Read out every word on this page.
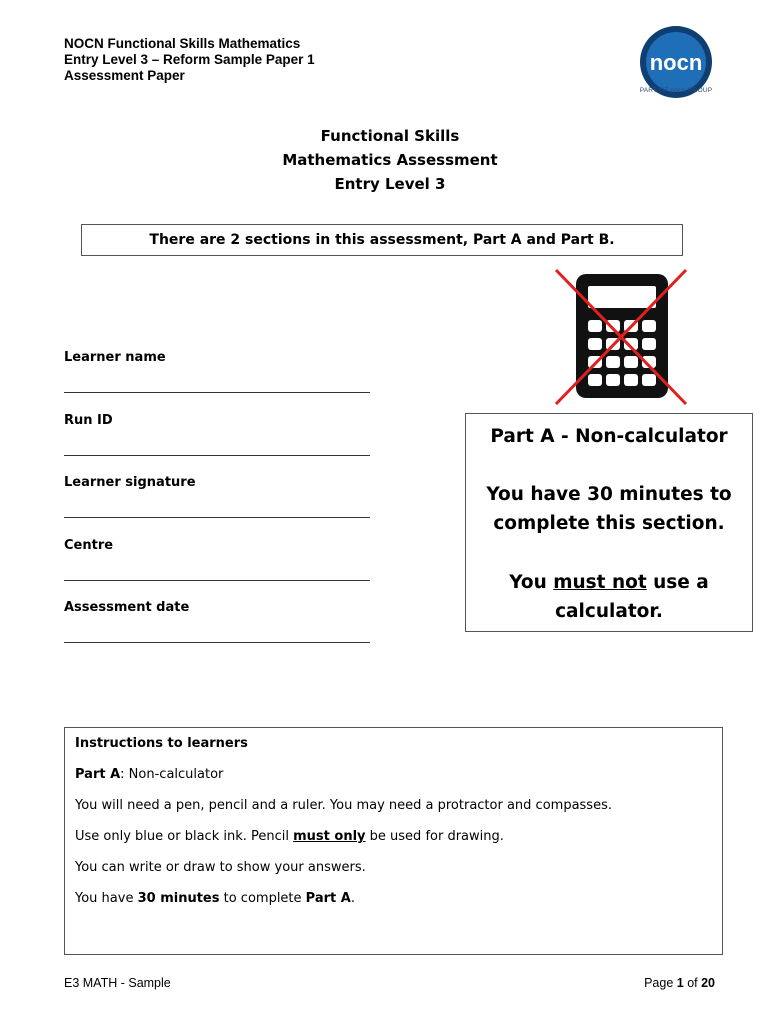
NOCN Functional Skills Mathematics
Entry Level 3 – Reform Sample Paper 1
Assessment Paper
nocn
PART OF nocn GROUP
Functional Skills
Mathematics Assessment
Entry Level 3
There are 2 sections in this assessment, Part A and Part B.
Learner name
Run ID
Learner signature
Centre
Assessment date
Part A - Non-calculator
You have 30 minutes to
complete this section.
You must not use a
calculator.
Instructions to learners
Part A: Non-calculator
You will need a pen, pencil and a ruler. You may need a protractor and compasses.
Use only blue or black ink. Pencil must only be used for drawing.
You can write or draw to show your answers.
You have 30 minutes to complete Part A.
E3 MATH - Sample	Page 1 of 20
